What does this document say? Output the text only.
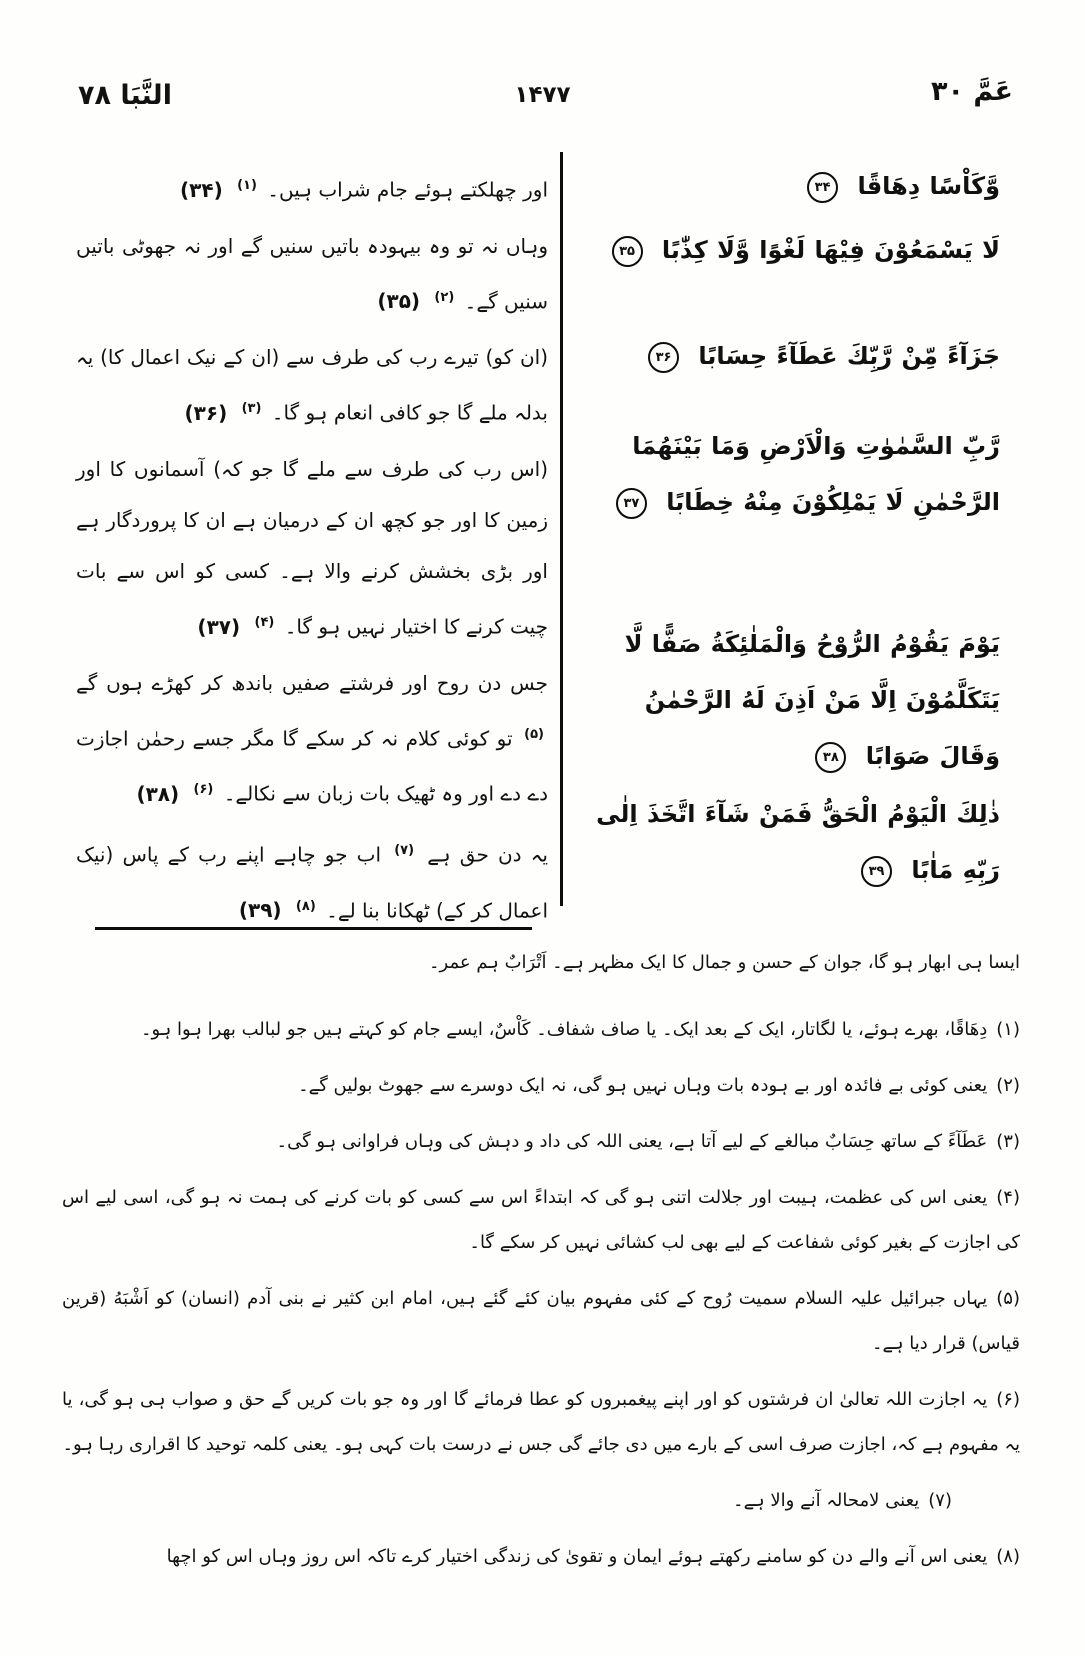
النَّبَا ۷۸	۱۴۷۷	عَمَّ ۳۰
وَّكَاْسًا دِهَاقًا ۳۴
لَا يَسْمَعُوْنَ فِيْهَا لَغْوًا وَّلَا كِذّٰبًا ۳۵
جَزَآءً مِّنْ رَّبِّكَ عَطَآءً حِسَابًا ۳۶
رَّبِّ السَّمٰوٰتِ وَالْاَرْضِ وَمَا بَيْنَهُمَا الرَّحْمٰنِ لَا يَمْلِكُوْنَ مِنْهُ خِطَابًا ۳۷
يَوْمَ يَقُوْمُ الرُّوْحُ وَالْمَلٰئِكَةُ صَفًّا لَّا يَتَكَلَّمُوْنَ اِلَّا مَنْ اَذِنَ لَهُ الرَّحْمٰنُ وَقَالَ صَوَابًا ۳۸
ذٰلِكَ الْيَوْمُ الْحَقُّ فَمَنْ شَآءَ اتَّخَذَ اِلٰى رَبِّهِ مَاٰبًا ۳۹

اور چھلکتے ہوئے جام شراب ہیں۔ $^{(۱)}$ (۳۴)

وہاں نہ تو وہ بیہودہ باتیں سنیں گے اور نہ جھوٹی باتیں سنیں گے۔ $^{(۲)}$ (۳۵)

(ان کو) تیرے رب کی طرف سے (ان کے نیک اعمال کا) یہ بدلہ ملے گا جو کافی انعام ہو گا۔ $^{(۳)}$ (۳۶)

(اس رب کی طرف سے ملے گا جو کہ) آسمانوں کا اور زمین کا اور جو کچھ ان کے درمیان ہے ان کا پروردگار ہے اور بڑی بخشش کرنے والا ہے۔ کسی کو اس سے بات چیت کرنے کا اختیار نہیں ہو گا۔ $^{(۴)}$ (۳۷)

جس دن روح اور فرشتے صفیں باندھ کر کھڑے ہوں گے $^{(۵)}$ تو کوئی کلام نہ کر سکے گا مگر جسے رحمٰن اجازت دے دے اور وہ ٹھیک بات زبان سے نکالے۔ $^{(۶)}$ (۳۸)

یہ دن حق ہے $^{(۷)}$ اب جو چاہے اپنے رب کے پاس (نیک اعمال کر کے) ٹھکانا بنا لے۔ $^{(۸)}$ (۳۹)

ایسا ہی ابھار ہو گا، جوان کے حسن و جمال کا ایک مظہر ہے۔ اَتْرَابٌ ہم عمر۔
(۱)دِهَاقًا، بھرے ہوئے، یا لگاتار، ایک کے بعد ایک۔ یا صاف شفاف۔ كَاْسٌ، ایسے جام کو کہتے ہیں جو لبالب بھرا ہوا ہو۔
(۲)یعنی کوئی بے فائدہ اور بے ہودہ بات وہاں نہیں ہو گی، نہ ایک دوسرے سے جھوٹ بولیں گے۔
(۳)عَطَآءً کے ساتھ حِسَابٌ مبالغے کے لیے آتا ہے، یعنی اللہ کی داد و دہش کی وہاں فراوانی ہو گی۔
(۴)یعنی اس کی عظمت، ہیبت اور جلالت اتنی ہو گی کہ ابتداءً اس سے کسی کو بات کرنے کی ہمت نہ ہو گی، اسی لیے اس کی اجازت کے بغیر کوئی شفاعت کے لیے بھی لب کشائی نہیں کر سکے گا۔
(۵)یہاں جبرائیل علیہ السلام سمیت رُوح کے کئی مفہوم بیان کئے گئے ہیں، امام ابن کثیر نے بنی آدم (انسان) کو اَشْبَهُ (قرین قیاس) قرار دیا ہے۔
(۶)یہ اجازت اللہ تعالیٰ ان فرشتوں کو اور اپنے پیغمبروں کو عطا فرمائے گا اور وہ جو بات کریں گے حق و صواب ہی ہو گی، یا یہ مفہوم ہے کہ، اجازت صرف اسی کے بارے میں دی جائے گی جس نے درست بات کہی ہو۔ یعنی کلمہ توحید کا اقراری رہا ہو۔
(۷)یعنی لامحالہ آنے والا ہے۔
(۸)یعنی اس آنے والے دن کو سامنے رکھتے ہوئے ایمان و تقویٰ کی زندگی اختیار کرے تاکہ اس روز وہاں اس کو اچھا
